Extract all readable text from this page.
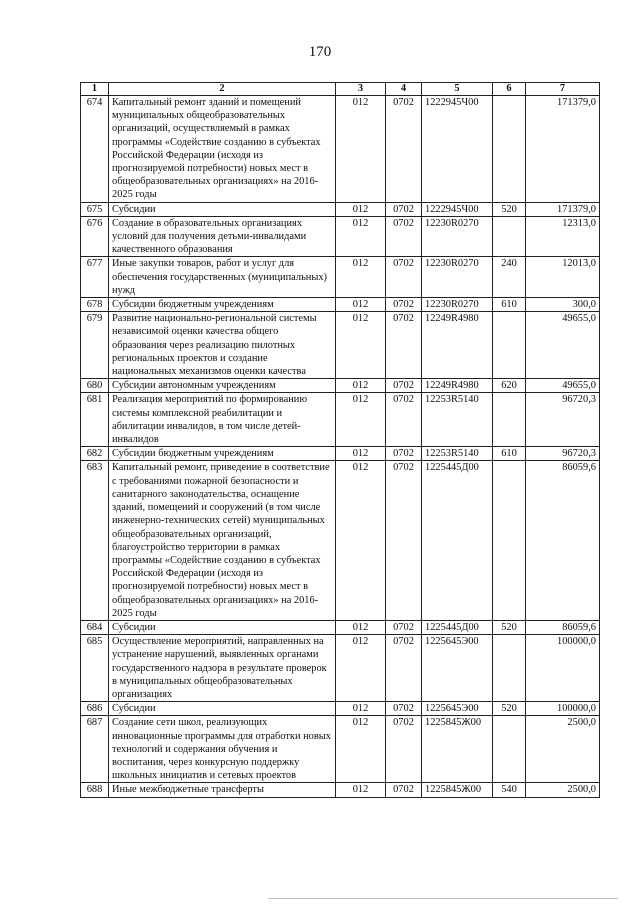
170
1	2	3	4	5	6	7
674	Капитальный ремонт зданий и помещений муниципальных общеобразовательных организаций, осуществляемый в рамках программы «Содействие созданию в субъектах Российской Федерации (исходя из прогнозируемой потребности) новых мест в общеобразовательных организациях» на 2016-2025 годы	012	0702	1222945Ч00		171379,0
675	Субсидии	012	0702	1222945Ч00	520	171379,0
676	Создание в образовательных организациях условий для получения детьми-инвалидами качественного образования	012	0702	12230R0270		12313,0
677	Иные закупки товаров, работ и услуг для обеспечения государственных (муниципальных) нужд	012	0702	12230R0270	240	12013,0
678	Субсидии бюджетным учреждениям	012	0702	12230R0270	610	300,0
679	Развитие национально-региональной системы независимой оценки качества общего образования через реализацию пилотных региональных проектов и создание национальных механизмов оценки качества	012	0702	12249R4980		49655,0
680	Субсидии автономным учреждениям	012	0702	12249R4980	620	49655,0
681	Реализация мероприятий по формированию системы комплексной реабилитации и абилитации инвалидов, в том числе детей-инвалидов	012	0702	12253R5140		96720,3
682	Субсидии бюджетным учреждениям	012	0702	12253R5140	610	96720,3
683	Капитальный ремонт, приведение в соответствие с требованиями пожарной безопасности и санитарного законодательства, оснащение зданий, помещений и сооружений (в том числе инженерно-технических сетей) муниципальных общеобразовательных организаций, благоустройство территории в рамках программы «Содействие созданию в субъектах Российской Федерации (исходя из прогнозируемой потребности) новых мест в общеобразовательных организациях» на 2016-2025 годы	012	0702	1225445Д00		86059,6
684	Субсидии	012	0702	1225445Д00	520	86059,6
685	Осуществление мероприятий, направленных на устранение нарушений, выявленных органами государственного надзора в результате проверок в муниципальных общеобразовательных организациях	012	0702	1225645Э00		100000,0
686	Субсидии	012	0702	1225645Э00	520	100000,0
687	Создание сети школ, реализующих инновационные программы для отработки новых технологий и содержания обучения и воспитания, через конкурсную поддержку школьных инициатив и сетевых проектов	012	0702	1225845Ж00		2500,0
688	Иные межбюджетные трансферты	012	0702	1225845Ж00	540	2500,0
